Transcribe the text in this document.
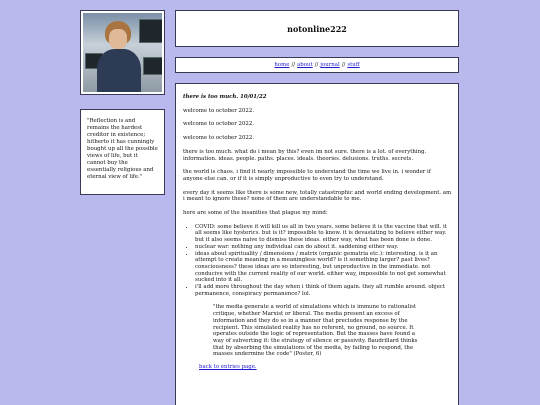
"Reflection is and remains the hardest creditor in existence; hitherto it has cunningly bought up all the possible views of life, but it cannot buy the essentially religious and eternal view of life."
notonline222
home // about // journal // stuff

there is too much. 10/01/22

welcome to october 2022.

welcome to october 2022.

welcome to october 2022.

there is too much. what do i mean by this? even im not sure. there is a lot. of everything. information. ideas. people. paths. places. ideals. theories. delusions. truths. secrets.

the world is chaos. i find it nearly impossible to understand the time we live in. i wonder if anyone else can. or if it is simply unproductive to even try to understand.

every day it seems like there is some new, totally catastrophic and world ending development. am i meant to ignore these? none of them are understandable to me.

here are some of the insanities that plague my mind:

• COVID: some believe it will kill us all in two years. some believe it is the vaccine that will. it all seems like hysterics. but is it? impossible to know. it is devastating to believe either way. but it also seems naive to dismiss these ideas. either way, what has been done is done.
• nuclear war: nothing any individual can do about it. saddening either way.
• ideas about spirituality / dimensions / matrix (organic gematria etc.): interesting. is it an attempt to create meaning in a meaningless world? is it something larger? past lives? consciousness? these ideas are so interesting, but unproductive in the immediate. not conducive with the current reality of our world. either way, impossible to not get somewhat sucked into it all.
• i'll add more throughout the day when i think of them again. they all rumble around. object permanence, conspiracy permanence? lol.
"the media generate a world of simulations which is immune to rationalist critique, whether Marxist or liberal. The media present an excess of information and they do so in a manner that precludes response by the recipient. This simulated reality has no referent, no ground, no source. It operates outside the logic of representation. But the masses have found a way of subverting it: the strategy of silence or passivity. Baudrillard thinks that by absorbing the simulations of the media, by failing to respond, the masses undermine the code" (Poster, 6)
back to entries page.
